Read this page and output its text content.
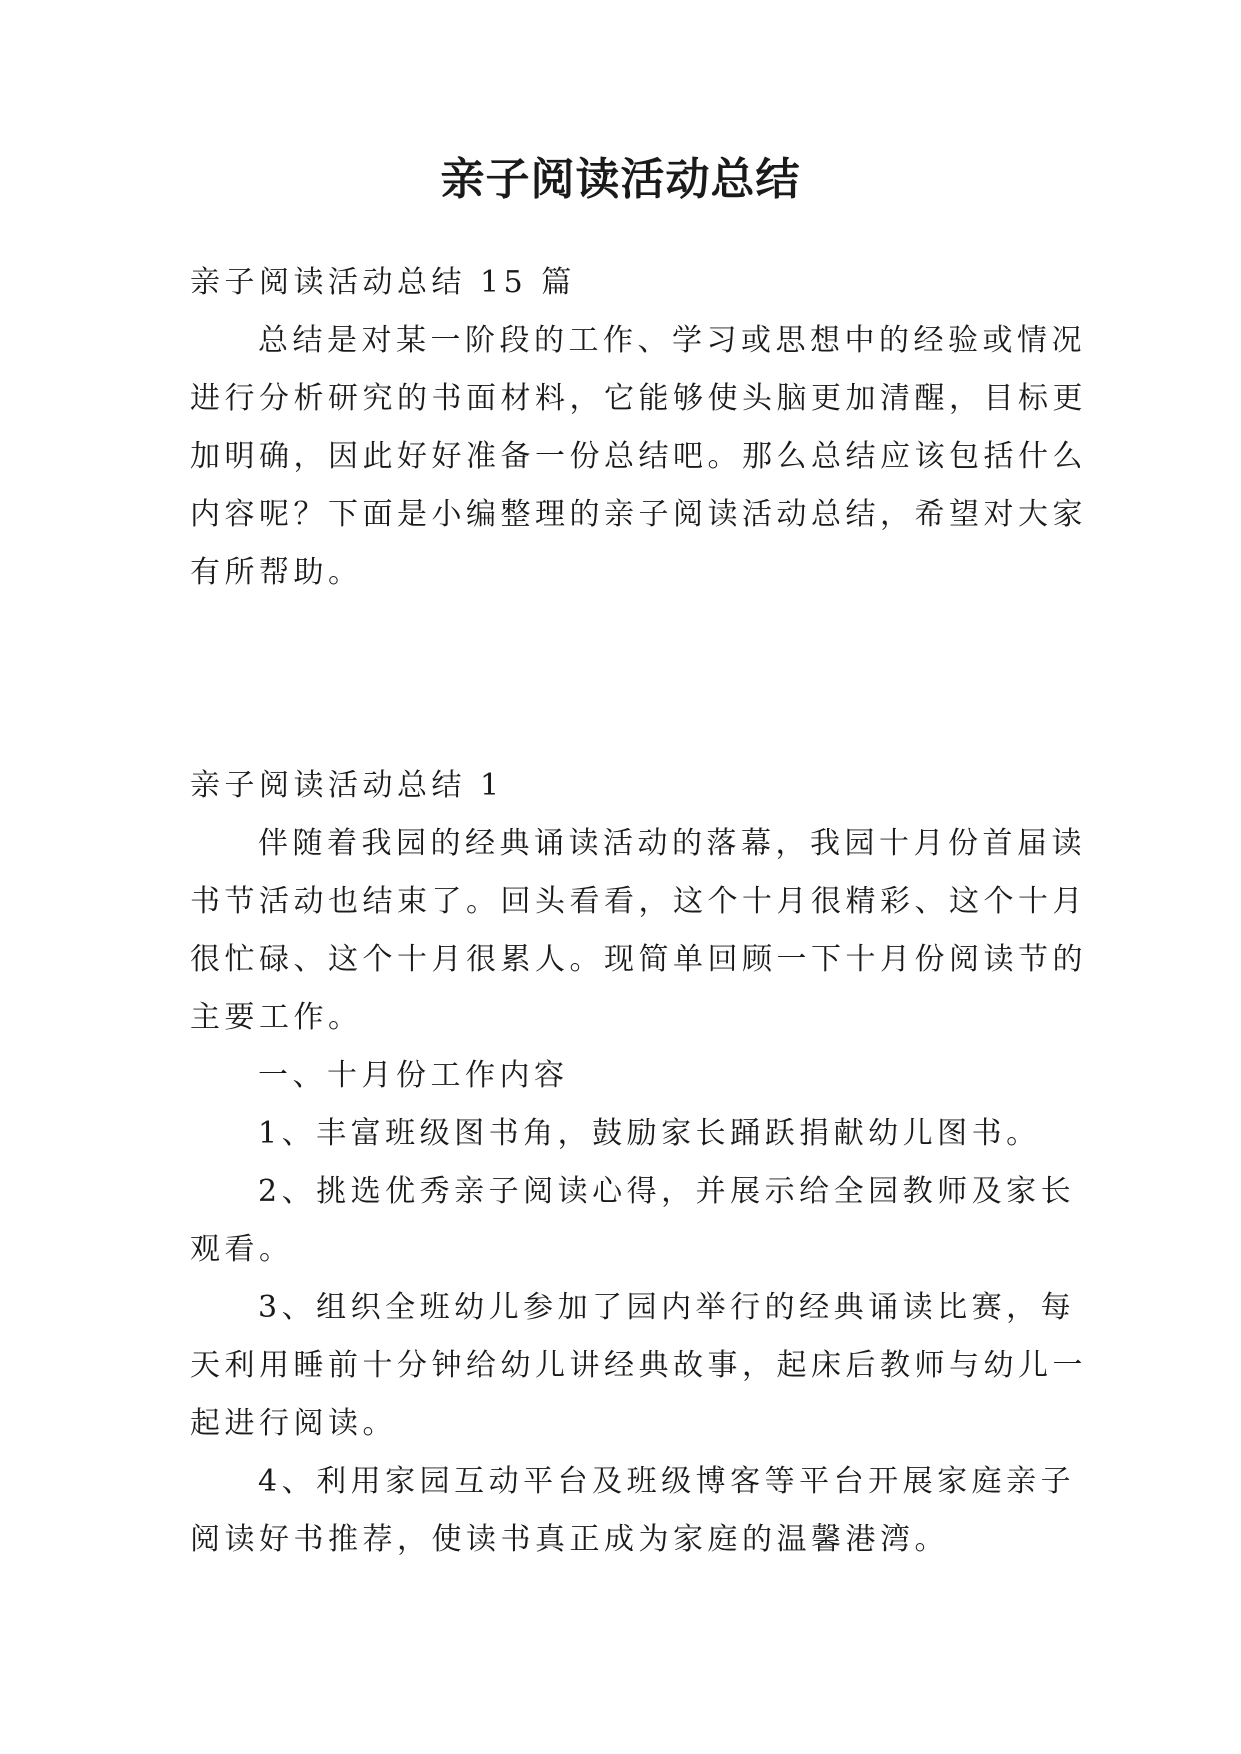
亲子阅读活动总结
亲子阅读活动总结 15 篇
总结是对某一阶段的工作、学习或思想中的经验或情况
进行分析研究的书面材料，它能够使头脑更加清醒，目标更
加明确，因此好好准备一份总结吧。那么总结应该包括什么
内容呢？下面是小编整理的亲子阅读活动总结，希望对大家
有所帮助。
亲子阅读活动总结 1
伴随着我园的经典诵读活动的落幕，我园十月份首届读
书节活动也结束了。回头看看，这个十月很精彩、这个十月
很忙碌、这个十月很累人。现简单回顾一下十月份阅读节的
主要工作。
一、十月份工作内容
1、丰富班级图书角，鼓励家长踊跃捐献幼儿图书。
2、挑选优秀亲子阅读心得，并展示给全园教师及家长
观看。
3、组织全班幼儿参加了园内举行的经典诵读比赛，每
天利用睡前十分钟给幼儿讲经典故事，起床后教师与幼儿一
起进行阅读。
4、利用家园互动平台及班级博客等平台开展家庭亲子
阅读好书推荐，使读书真正成为家庭的温馨港湾。
